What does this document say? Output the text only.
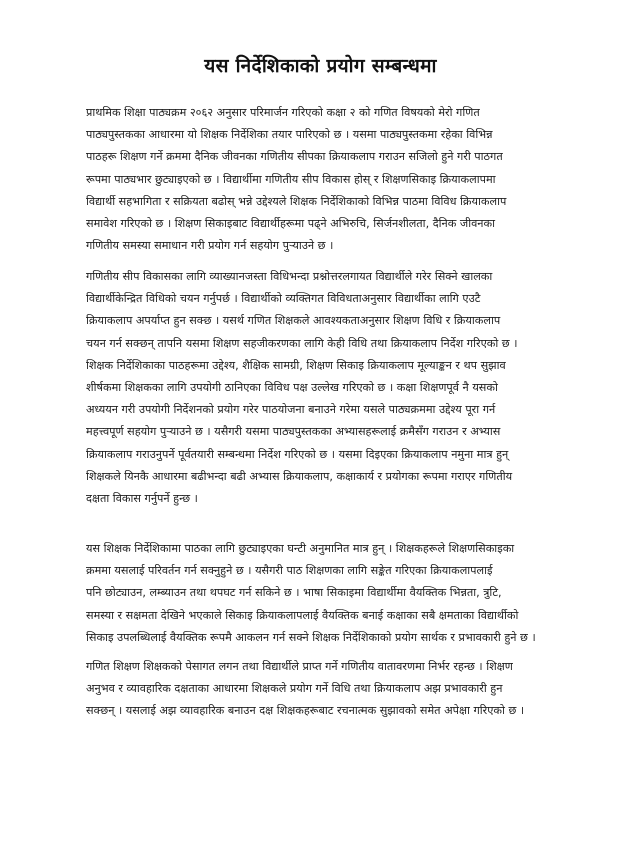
यस निर्देशिकाको प्रयोग सम्बन्धमा

प्राथमिक शिक्षा पाठ्यक्रम २०६२ अनुसार परिमार्जन गरिएको कक्षा २ को गणित विषयको मेरो गणित
पाठ्यपुस्तकका आधारमा यो शिक्षक निर्देशिका तयार पारिएको छ । यसमा पाठ्यपुस्तकमा रहेका विभिन्न
पाठहरू शिक्षण गर्ने क्रममा दैनिक जीवनका गणितीय सीपका क्रियाकलाप गराउन सजिलो हुने गरी पाठगत
रूपमा पाठ्यभार छुट्याइएको छ । विद्यार्थीमा गणितीय सीप विकास होस् र शिक्षणसिकाइ क्रियाकलापमा
विद्यार्थी सहभागिता र सक्रियता बढोस् भन्ने उद्देश्यले शिक्षक निर्देशिकाको विभिन्न पाठमा विविध क्रियाकलाप
समावेश गरिएको छ । शिक्षण सिकाइबाट विद्यार्थीहरूमा पढ्ने अभिरुचि, सिर्जनशीलता, दैनिक जीवनका
गणितीय समस्या समाधान गरी प्रयोग गर्न सहयोग पुऱ्याउने छ ।

गणितीय सीप विकासका लागि व्याख्यानजस्ता विधिभन्दा प्रश्नोत्तरलगायत विद्यार्थीले गरेर सिक्ने खालका
विद्यार्थीकेन्द्रित विधिको चयन गर्नुपर्छ । विद्यार्थीको व्यक्तिगत विविधताअनुसार विद्यार्थीका लागि एउटै
क्रियाकलाप अपर्याप्त हुन सक्छ । यसर्थ गणित शिक्षकले आवश्यकताअनुसार शिक्षण विधि र क्रियाकलाप
चयन गर्न सक्छन् तापनि यसमा शिक्षण सहजीकरणका लागि केही विधि तथा क्रियाकलाप निर्देश गरिएको छ ।
शिक्षक निर्देशिकाका पाठहरूमा उद्देश्य, शैक्षिक सामग्री, शिक्षण सिकाइ क्रियाकलाप मूल्याङ्कन र थप सुझाव
शीर्षकमा शिक्षकका लागि उपयोगी ठानिएका विविध पक्ष उल्लेख गरिएको छ । कक्षा शिक्षणपूर्व नै यसको
अध्ययन गरी उपयोगी निर्देशनको प्रयोग गरेर पाठयोजना बनाउने गरेमा यसले पाठ्यक्रममा उद्देश्य पूरा गर्न
महत्त्वपूर्ण सहयोग पुऱ्याउने छ । यसैगरी यसमा पाठ्यपुस्तकका अभ्यासहरूलाई क्रमैसँग गराउन र अभ्यास
क्रियाकलाप गराउनुपर्ने पूर्वतयारी सम्बन्धमा निर्देश गरिएको छ । यसमा दिइएका क्रियाकलाप नमुना मात्र हुन्
शिक्षकले यिनकै आधारमा बढीभन्दा बढी अभ्यास क्रियाकलाप, कक्षाकार्य र प्रयोगका रूपमा गराएर गणितीय
दक्षता विकास गर्नुपर्ने हुन्छ ।

यस शिक्षक निर्देशिकामा पाठका लागि छुट्याइएका घन्टी अनुमानित मात्र हुन् । शिक्षकहरूले शिक्षणसिकाइका
क्रममा यसलाई परिवर्तन गर्न सक्नुहुने छ । यसैगरी पाठ शिक्षणका लागि सङ्केत गरिएका क्रियाकलापलाई
पनि छोट्याउन, लम्ब्याउन तथा थपघट गर्न सकिने छ । भाषा सिकाइमा विद्यार्थीमा वैयक्तिक भिन्नता, त्रुटि,
समस्या र सक्षमता देखिने भएकाले सिकाइ क्रियाकलापलाई वैयक्तिक बनाई कक्षाका सबै क्षमताका विद्यार्थीको
सिकाइ उपलब्धिलाई वैयक्तिक रूपमै आकलन गर्न सक्ने शिक्षक निर्देशिकाको प्रयोग सार्थक र प्रभावकारी हुने छ ।

गणित शिक्षण शिक्षकको पेसागत लगन तथा विद्यार्थीले प्राप्त गर्ने गणितीय वातावरणमा निर्भर रहन्छ । शिक्षण
अनुभव र व्यावहारिक दक्षताका आधारमा शिक्षकले प्रयोग गर्ने विधि तथा क्रियाकलाप अझ प्रभावकारी हुन
सक्छन् । यसलाई अझ व्यावहारिक बनाउन दक्ष शिक्षकहरूबाट रचनात्मक सुझावको समेत अपेक्षा गरिएको छ ।
